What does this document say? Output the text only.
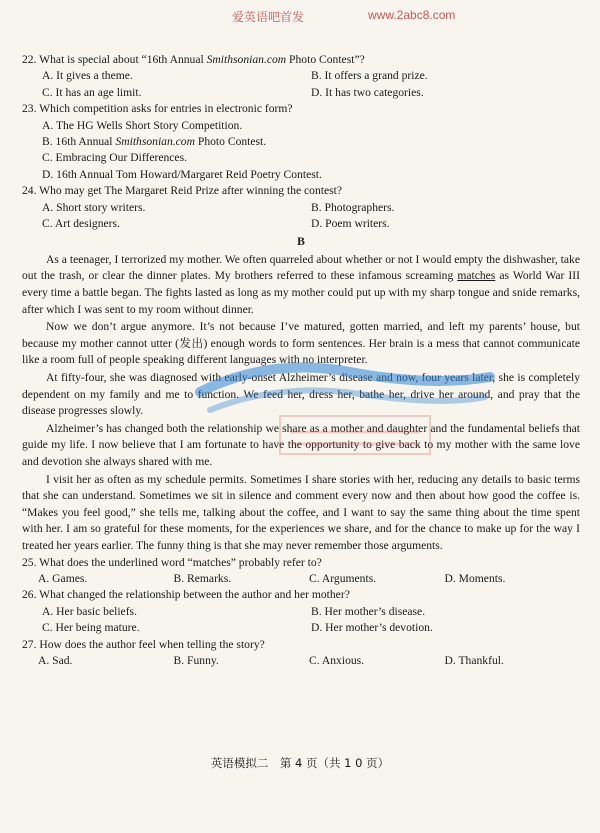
爱英语吧首发	www.2abc8.com

22. What is special about “16th Annual Smithsonian.com Photo Contest”?

A. It gives a theme.	B. It offers a grand prize.
C. It has an age limit.	D. It has two categories.

23. Which competition asks for entries in electronic form?

A. The HG Wells Short Story Competition.
B. 16th Annual Smithsonian.com Photo Contest.
C. Embracing Our Differences.
D. 16th Annual Tom Howard/Margaret Reid Poetry Contest.

24. Who may get The Margaret Reid Prize after winning the contest?

A. Short story writers.	B. Photographers.
C. Art designers.	D. Poem writers.

B

As a teenager, I terrorized my mother. We often quarreled about whether or not I would empty the dishwasher, take out the trash, or clear the dinner plates. My brothers referred to these infamous screaming matches as World War III every time a battle began. The fights lasted as long as my mother could put up with my sharp tongue and snide remarks, after which I was sent to my room without dinner.

Now we don’t argue anymore. It’s not because I’ve matured, gotten married, and left my parents’ house, but because my mother cannot utter (发出) enough words to form sentences. Her brain is a mess that cannot communicate like a room full of people speaking different languages with no interpreter.

At fifty-four, she was diagnosed with early-onset Alzheimer’s disease and now, four years later, she is completely dependent on my family and me to function. We feed her, dress her, bathe her, drive her around, and pray that the disease progresses slowly.

Alzheimer’s has changed both the relationship we share as a mother and daughter and the fundamental beliefs that guide my life. I now believe that I am fortunate to have the opportunity to give back to my mother with the same love and devotion she always shared with me.

I visit her as often as my schedule permits. Sometimes I share stories with her, reducing any details to basic terms that she can understand. Sometimes we sit in silence and comment every now and then about how good the coffee is. “Makes you feel good,” she tells me, talking about the coffee, and I want to say the same thing about the time spent with her. I am so grateful for these moments, for the experiences we share, and for the chance to make up for the way I treated her years earlier. The funny thing is that she may never remember those arguments.

25. What does the underlined word “matches” probably refer to?

A. Games.	B. Remarks.	C. Arguments.	D. Moments.

26. What changed the relationship between the author and her mother?

A. Her basic beliefs.	B. Her mother’s disease.
C. Her being mature.	D. Her mother’s devotion.

27. How does the author feel when telling the story?

A. Sad.	B. Funny.	C. Anxious.	D. Thankful.
英语模拟二　第 4 页（共 1 0 页）
